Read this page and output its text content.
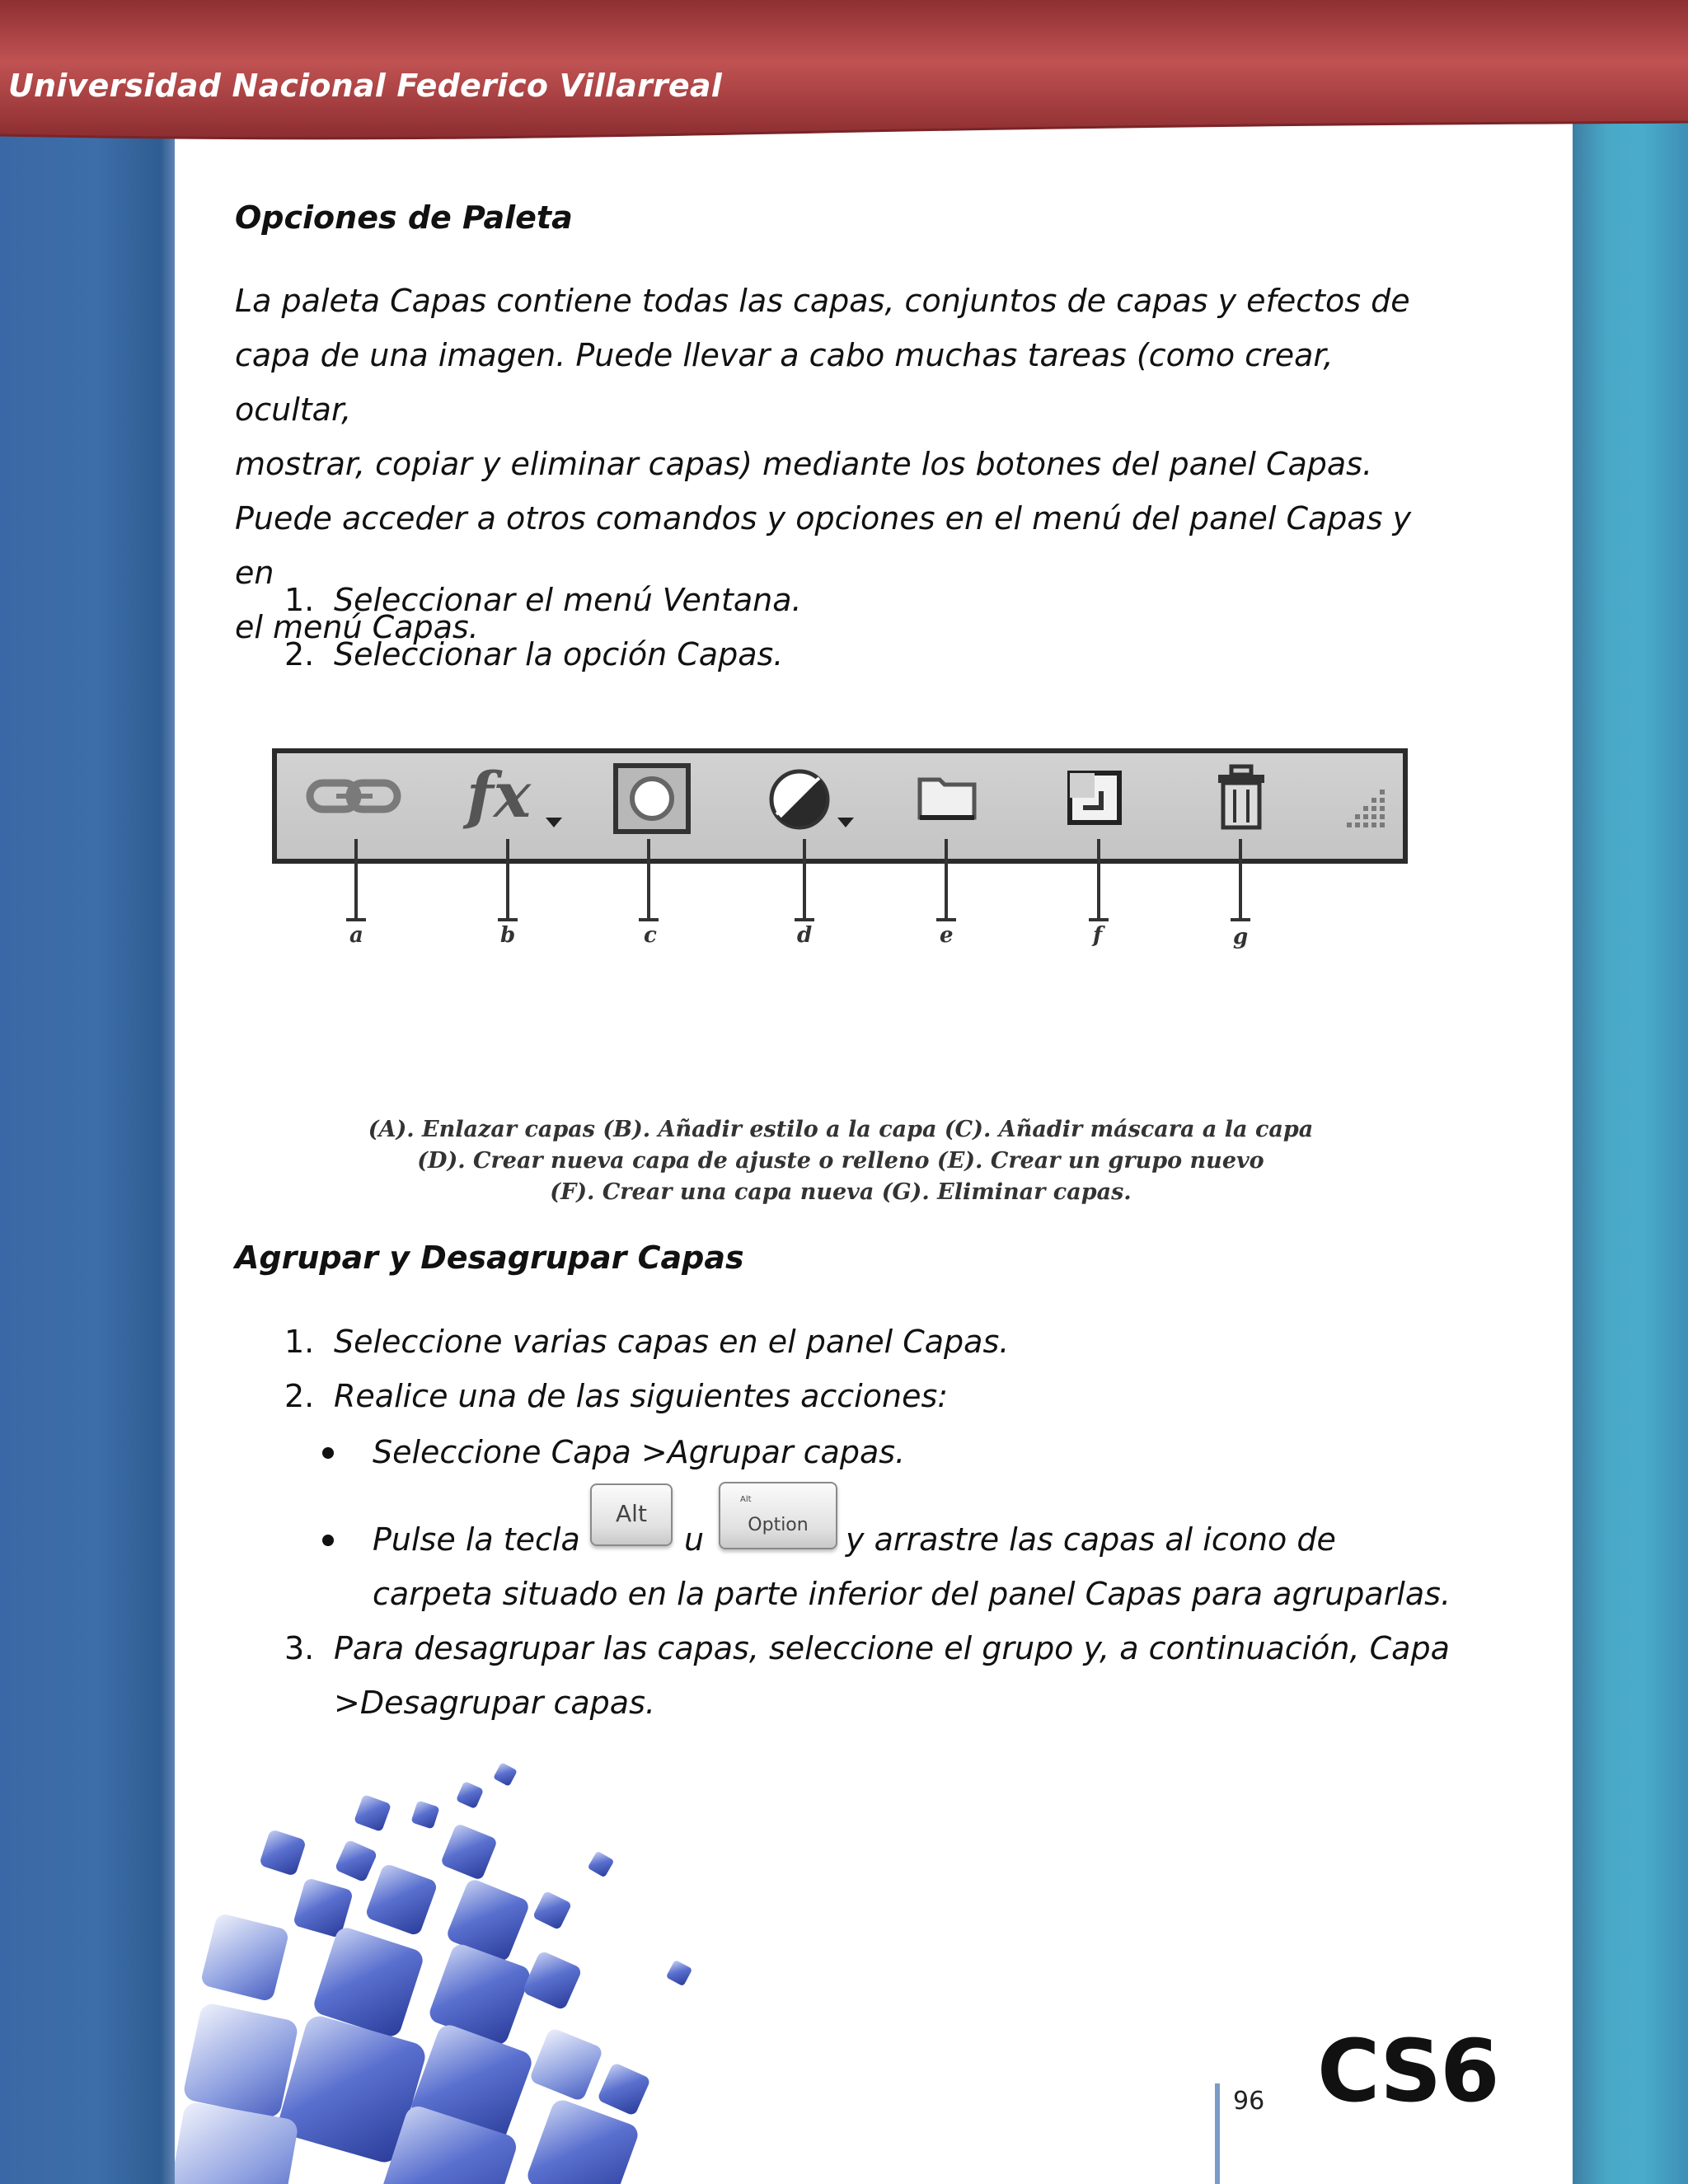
Universidad Nacional Federico Villarreal
Opciones de Paleta
La paleta Capas contiene todas las capas, conjuntos de capas y efectos de
capa de una imagen. Puede llevar a cabo muchas tareas (como crear, ocultar,
mostrar, copiar y eliminar capas) mediante los botones del panel Capas.
Puede acceder a otros comandos y opciones en el menú del panel Capas y en
el menú Capas.
1. Seleccionar el menú Ventana.
2. Seleccionar la opción Capas.
fx
a	b	c	d	e	f	g
(A). Enlazar capas (B). Añadir estilo a la capa (C). Añadir máscara a la capa
(D). Crear nueva capa de ajuste o relleno (E). Crear un grupo nuevo
(F). Crear una capa nueva (G). Eliminar capas.
Agrupar y Desagrupar Capas
1. Seleccione varias capas en el panel Capas.
2. Realice una de las siguientes acciones:
Seleccione Capa >Agrupar capas.
Pulse la tecla
Alt
u
Alt
Option	y arrastre las capas al icono de
carpeta situado en la parte inferior del panel Capas para agruparlas.
3. Para desagrupar las capas, seleccione el grupo y, a continuación, Capa
>Desagrupar capas.
96 CS6
